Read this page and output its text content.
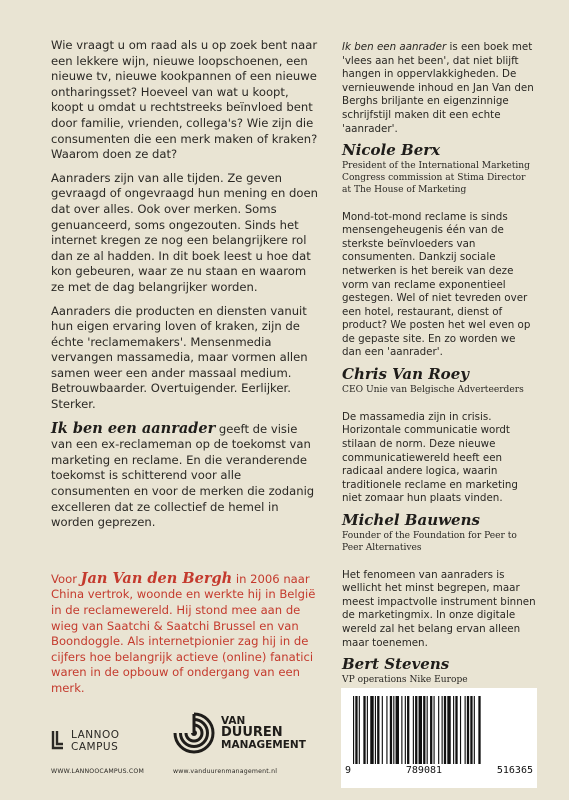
Wie vraagt u om raad als u op zoek bent naar een lekkere wijn, nieuwe loopschoenen, een nieuwe tv, nieuwe kookpannen of een nieuwe ontharingsset? Hoeveel van wat u koopt, koopt u omdat u rechtstreeks beïnvloed bent door familie, vrienden, collega's? Wie zijn die consumenten die een merk maken of kraken? Waarom doen ze dat?

Aanraders zijn van alle tijden. Ze geven gevraagd of ongevraagd hun mening en doen dat over alles. Ook over merken. Soms genuanceerd, soms ongezouten. Sinds het internet kregen ze nog een belangrijkere rol dan ze al hadden. In dit boek leest u hoe dat kon gebeuren, waar ze nu staan en waarom ze met de dag belangrijker worden.

Aanraders die producten en diensten vanuit hun eigen ervaring loven of kraken, zijn de échte 'reclamemakers'. Mensenmedia vervangen massamedia, maar vormen allen samen weer een ander massaal medium. Betrouwbaarder. Overtuigender. Eerlijker. Sterker.

Ik ben een aanrader geeft de visie van een ex-reclameman op de toekomst van marketing en reclame. En die veranderende toekomst is schitterend voor alle consumenten en voor de merken die zodanig excelleren dat ze collectief de hemel in worden geprezen.

Voor Jan Van den Bergh in 2006 naar China vertrok, woonde en werkte hij in België in de reclamewereld. Hij stond mee aan de wieg van Saatchi & Saatchi Brussel en van Boondoggle. Als internetpionier zag hij in de cijfers hoe belangrijk actieve (online) fanatici waren in de opbouw of ondergang van een merk.

Ik ben een aanrader is een boek met 'vlees aan het been', dat niet blijft hangen in oppervlakkigheden. De vernieuwende inhoud en Jan Van den Berghs briljante en eigenzinnige schrijfstijl maken dit een echte 'aanrader'.

Nicole Berx

President of the International Marketing Congress commission at Stima Director at The House of Marketing

Mond-tot-mond reclame is sinds mensengeheugenis één van de sterkste beïnvloeders van consumenten. Dankzij sociale netwerken is het bereik van deze vorm van reclame exponentieel gestegen. Wel of niet tevreden over een hotel, restaurant, dienst of product? We posten het wel even op de gepaste site. En zo worden we dan een 'aanrader'.

Chris Van Roey

CEO Unie van Belgische Adverteerders

De massamedia zijn in crisis. Horizontale communicatie wordt stilaan de norm. Deze nieuwe communicatiewereld heeft een radicaal andere logica, waarin traditionele reclame en marketing niet zomaar hun plaats vinden.

Michel Bauwens

Founder of the Foundation for Peer to Peer Alternatives

Het fenomeen van aanraders is wellicht het minst begrepen, maar meest impactvolle instrument binnen de marketingmix. In onze digitale wereld zal het belang ervan alleen maar toenemen.

Bert Stevens

VP operations Nike Europe

LANNOO
CAMPUS
WWW.LANNOOCAMPUS.COM
VAN
DUUREN
MANAGEMENT
www.vanduurenmanagement.nl	9	789081	516365
